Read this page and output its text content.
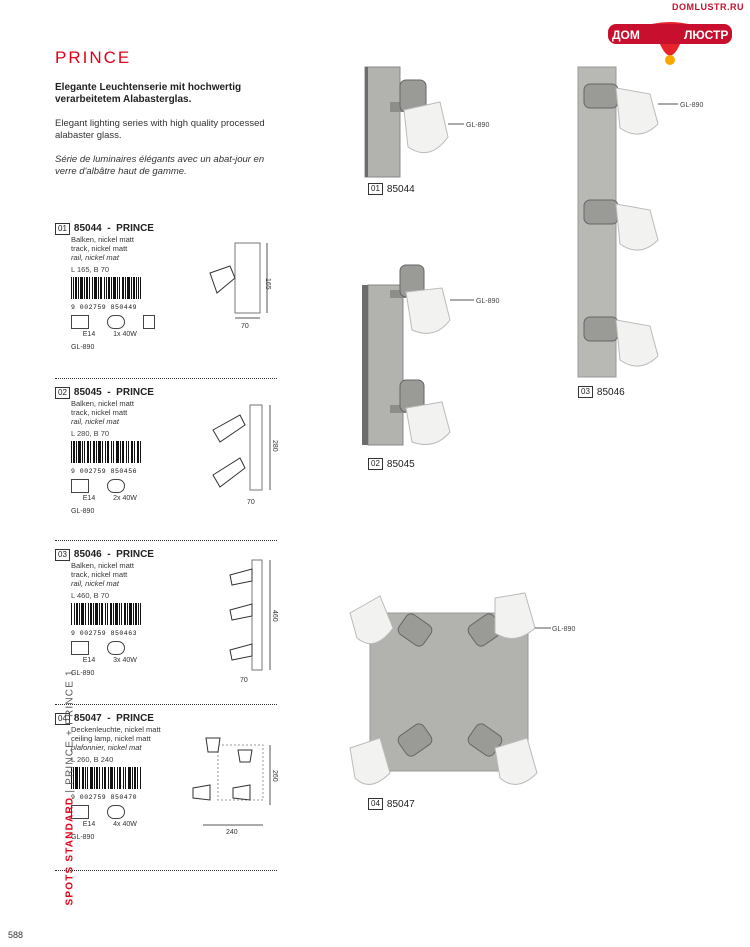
DOMLUSTR.RU
ДОМ	ЛЮСТР
PRINCE
Elegante Leuchtenserie mit hochwertig verarbeitetem Alabasterglas.
Elegant lighting series with high quality processed alabaster glass.
Série de luminaires élégants avec un abat-jour en verre d'albâtre haut de gamme.
01 85044 - PRINCE
Balken, nickel matt
track, nickel matt
rail, nickel mat
L 165, B 70
9 002759 850449
E14	1x 40W
GL-890
02 85045 - PRINCE
Balken, nickel matt
track, nickel matt
rail, nickel mat
L 280, B 70
9 002759 850456
E14	2x 40W
GL-890
03 85046 - PRINCE
Balken, nickel matt
track, nickel matt
rail, nickel mat
L 460, B 70
9 002759 850463
E14	3x 40W
GL-890
04 85047 - PRINCE
Deckenleuchte, nickel matt
ceiling lamp, nickel matt
plafonnier, nickel mat
L 260, B 240
9 002759 850470
E14	4x 40W
GL-890
165
70
280
70
460
70
260
240
GL-890
01 85044
GL-890
02 85045
GL-890
03 85046
GL-890
04 85047
SPOTS STANDARD | PRINCE + PRINCE 1
588
